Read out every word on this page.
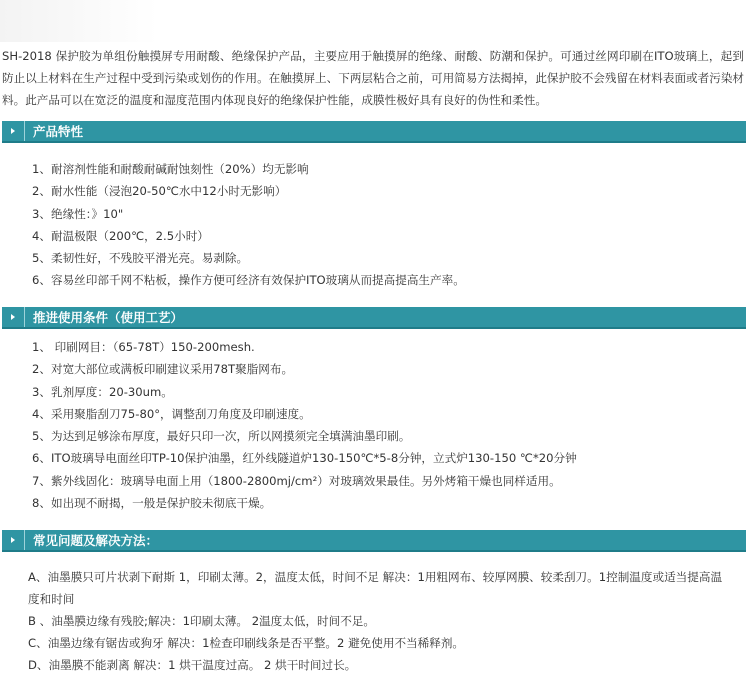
SH-2018 保护胶为单组份触摸屏专用耐酸、绝缘保护产品，主要应用于触摸屏的绝缘、耐酸、防潮和保护。可通过丝网印刷在ITO玻璃上，起到防止以上材料在生产过程中受到污染或划伤的作用。在触摸屏上、下两层粘合之前，可用简易方法揭掉，此保护胶不会残留在材料表面或者污染材料。此产品可以在宽泛的温度和湿度范围内体现良好的绝缘保护性能，成膜性极好具有良好的伪性和柔性。
产品特性
1、耐溶剂性能和耐酸耐碱耐蚀刻性（20%）均无影响
2、耐水性能（浸泡20-50℃水中12小时无影响）
3、绝缘性：》10"
4、耐温极限（200℃，2.5小时）
5、柔韧性好，不残胶平滑光亮。易剥除。
6、容易丝印部千网不粘板，操作方便可经济有效保护ITO玻璃从而提高提高生产率。
推进使用条件（使用工艺）
1、 印刷网目：（65-78T）150-200mesh.
2、对宽大部位或满板印刷建议采用78T聚脂网布。
3、乳剂厚度：20-30um。
4、采用聚脂刮刀75-80°，调整刮刀角度及印刷速度。
5、为达到足够涂布厚度，最好只印一次，所以网摸须完全填满油墨印刷。
6、ITO玻璃导电面丝印TP-10保护油墨，红外线隧道炉130-150℃*5-8分钟，立式炉130-150 ℃*20分钟
7、紫外线固化：玻璃导电面上用（1800-2800mj/cm²）对玻璃效果最佳。另外烤箱干燥也同样适用。
8、如出现不耐揭，一般是保护胶未彻底干燥。
常见问题及解决方法：
A、油墨膜只可片状剥下耐斯 1，印刷太薄。2，温度太低，时间不足 解决：1用粗网布、较厚网膜、较柔刮刀。1控制温度或适当提高温度和时间
B 、油墨膜边缘有残胶;解决：1印刷太薄。 2温度太低，时间不足。
C、油墨边缘有锯齿或狗牙 解决：1检查印刷线条是否平整。2 避免使用不当稀释剂。
D、油墨膜不能剥离 解决：1 烘干温度过高。 2 烘干时间过长。
